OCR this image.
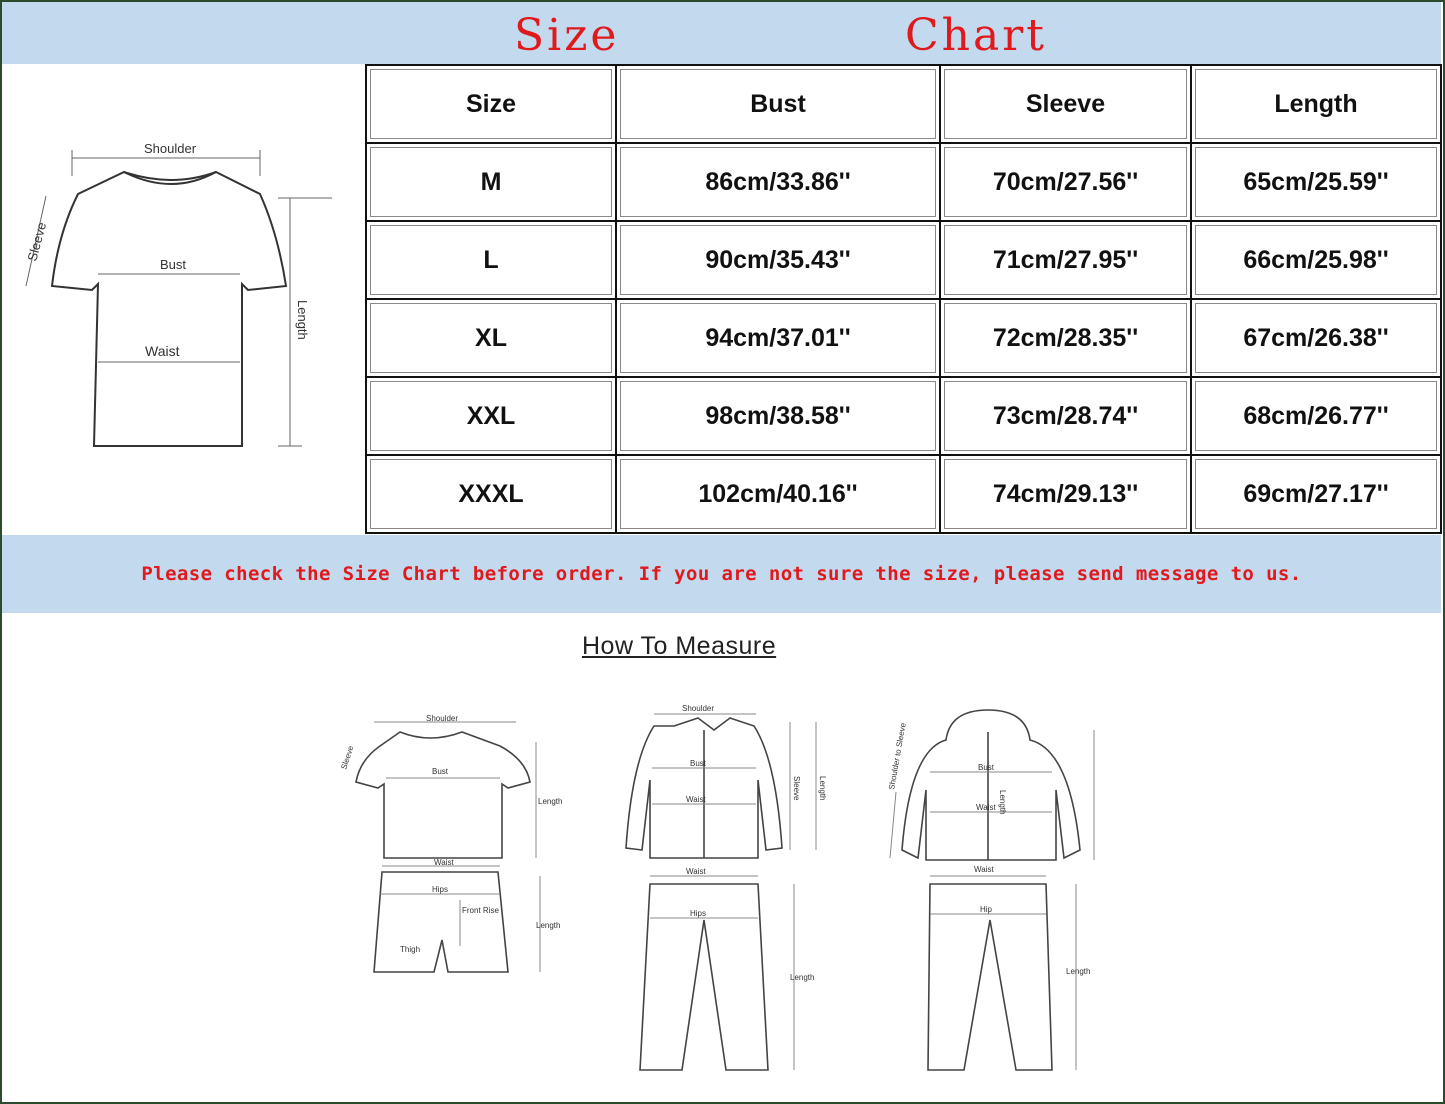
Size	Chart
Shoulder
Bust
Waist
Length
Sleeve
Size	Bust	Sleeve	Length
M	86cm/33.86''	70cm/27.56''	65cm/25.59''
L	90cm/35.43''	71cm/27.95''	66cm/25.98''
XL	94cm/37.01''	72cm/28.35''	67cm/26.38''
XXL	98cm/38.58''	73cm/28.74''	68cm/26.77''
XXXL	102cm/40.16''	74cm/29.13''	69cm/27.17''
Please check the Size Chart before order. If you are not sure the size, please send message to us.
How To Measure
Shoulder
Bust
Length
Sleeve
Waist
Hips
Front Rise
Thigh
Length
Shoulder
Bust
Waist	Sleeve Length
Waist
Hips
Length
Shoulder to Sleeve	Bust
Length
Waist
Waist
Hip
Length
